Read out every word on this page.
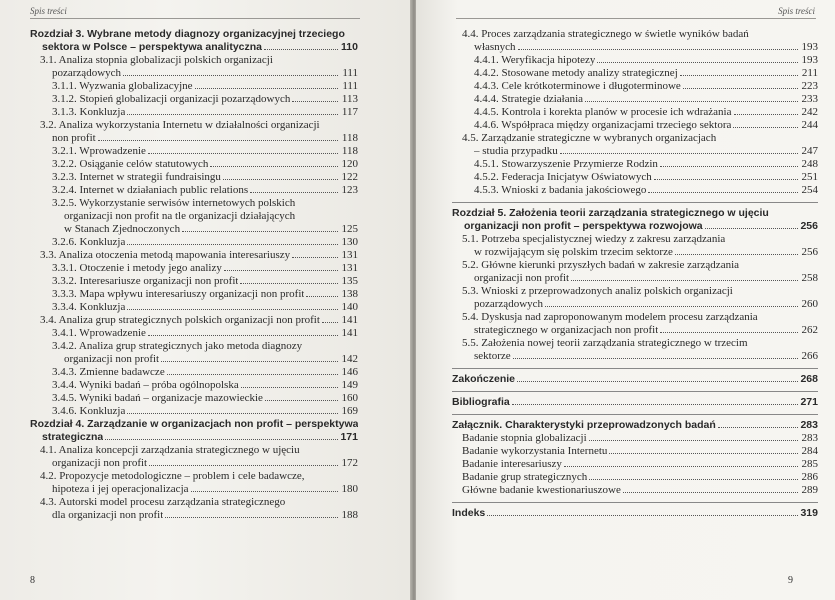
Spis treści
Rozdział 3. Wybrane metody diagnozy organizacyjnej trzeciego
sektora w Polsce – perspektywa analityczna	110
3.1. Analiza stopnia globalizacji polskich organizacji
pozarządowych	111
3.1.1. Wyzwania globalizacyjne	111
3.1.2. Stopień globalizacji organizacji pozarządowych	113
3.1.3. Konkluzja	117
3.2. Analiza wykorzystania Internetu w działalności organizacji
non profit	118
3.2.1. Wprowadzenie	118
3.2.2. Osiąganie celów statutowych	120
3.2.3. Internet w strategii fundraisingu	122
3.2.4. Internet w działaniach public relations	123
3.2.5. Wykorzystanie serwisów internetowych polskich
organizacji non profit na tle organizacji działających
w Stanach Zjednoczonych	125
3.2.6. Konkluzja	130
3.3. Analiza otoczenia metodą mapowania interesariuszy	131
3.3.1. Otoczenie i metody jego analizy	131
3.3.2. Interesariusze organizacji non profit	135
3.3.3. Mapa wpływu interesariuszy organizacji non profit	138
3.3.4. Konkluzja	140
3.4. Analiza grup strategicznych polskich organizacji non profit 141
3.4.1. Wprowadzenie	141
3.4.2. Analiza grup strategicznych jako metoda diagnozy
organizacji non profit	142
3.4.3. Zmienne badawcze	146
3.4.4. Wyniki badań – próba ogólnopolska	149
3.4.5. Wyniki badań – organizacje mazowieckie	160
3.4.6. Konkluzja	169
Rozdział 4. Zarządzanie w organizacjach non profit – perspektywa
strategiczna	171
4.1. Analiza koncepcji zarządzania strategicznego w ujęciu
organizacji non profit	172
4.2. Propozycje metodologiczne – problem i cele badawcze,
hipoteza i jej operacjonalizacja	180
4.3. Autorski model procesu zarządzania strategicznego
dla organizacji non profit	188
8
Spis treści
4.4. Proces zarządzania strategicznego w świetle wyników badań
własnych	193
4.4.1. Weryfikacja hipotezy	193
4.4.2. Stosowane metody analizy strategicznej	211
4.4.3. Cele krótkoterminowe i długoterminowe	223
4.4.4. Strategie działania	233
4.4.5. Kontrola i korekta planów w procesie ich wdrażania	242
4.4.6. Współpraca między organizacjami trzeciego sektora	244
4.5. Zarządzanie strategiczne w wybranych organizacjach
– studia przypadku	247
4.5.1. Stowarzyszenie Przymierze Rodzin	248
4.5.2. Federacja Inicjatyw Oświatowych	251
4.5.3. Wnioski z badania jakościowego	254
Rozdział 5. Założenia teorii zarządzania strategicznego w ujęciu
organizacji non profit – perspektywa rozwojowa	256
5.1. Potrzeba specjalistycznej wiedzy z zakresu zarządzania
w rozwijającym się polskim trzecim sektorze	256
5.2. Główne kierunki przyszłych badań w zakresie zarządzania
organizacji non profit	258
5.3. Wnioski z przeprowadzonych analiz polskich organizacji
pozarządowych	260
5.4. Dyskusja nad zaproponowanym modelem procesu zarządzania
strategicznego w organizacjach non profit	262
5.5. Założenia nowej teorii zarządzania strategicznego w trzecim
sektorze	266
Zakończenie	268
Bibliografia	271
Załącznik. Charakterystyki przeprowadzonych badań	283
Badanie stopnia globalizacji	283
Badanie wykorzystania Internetu	284
Badanie interesariuszy	285
Badanie grup strategicznych	286
Główne badanie kwestionariuszowe	289
Indeks	319
9
